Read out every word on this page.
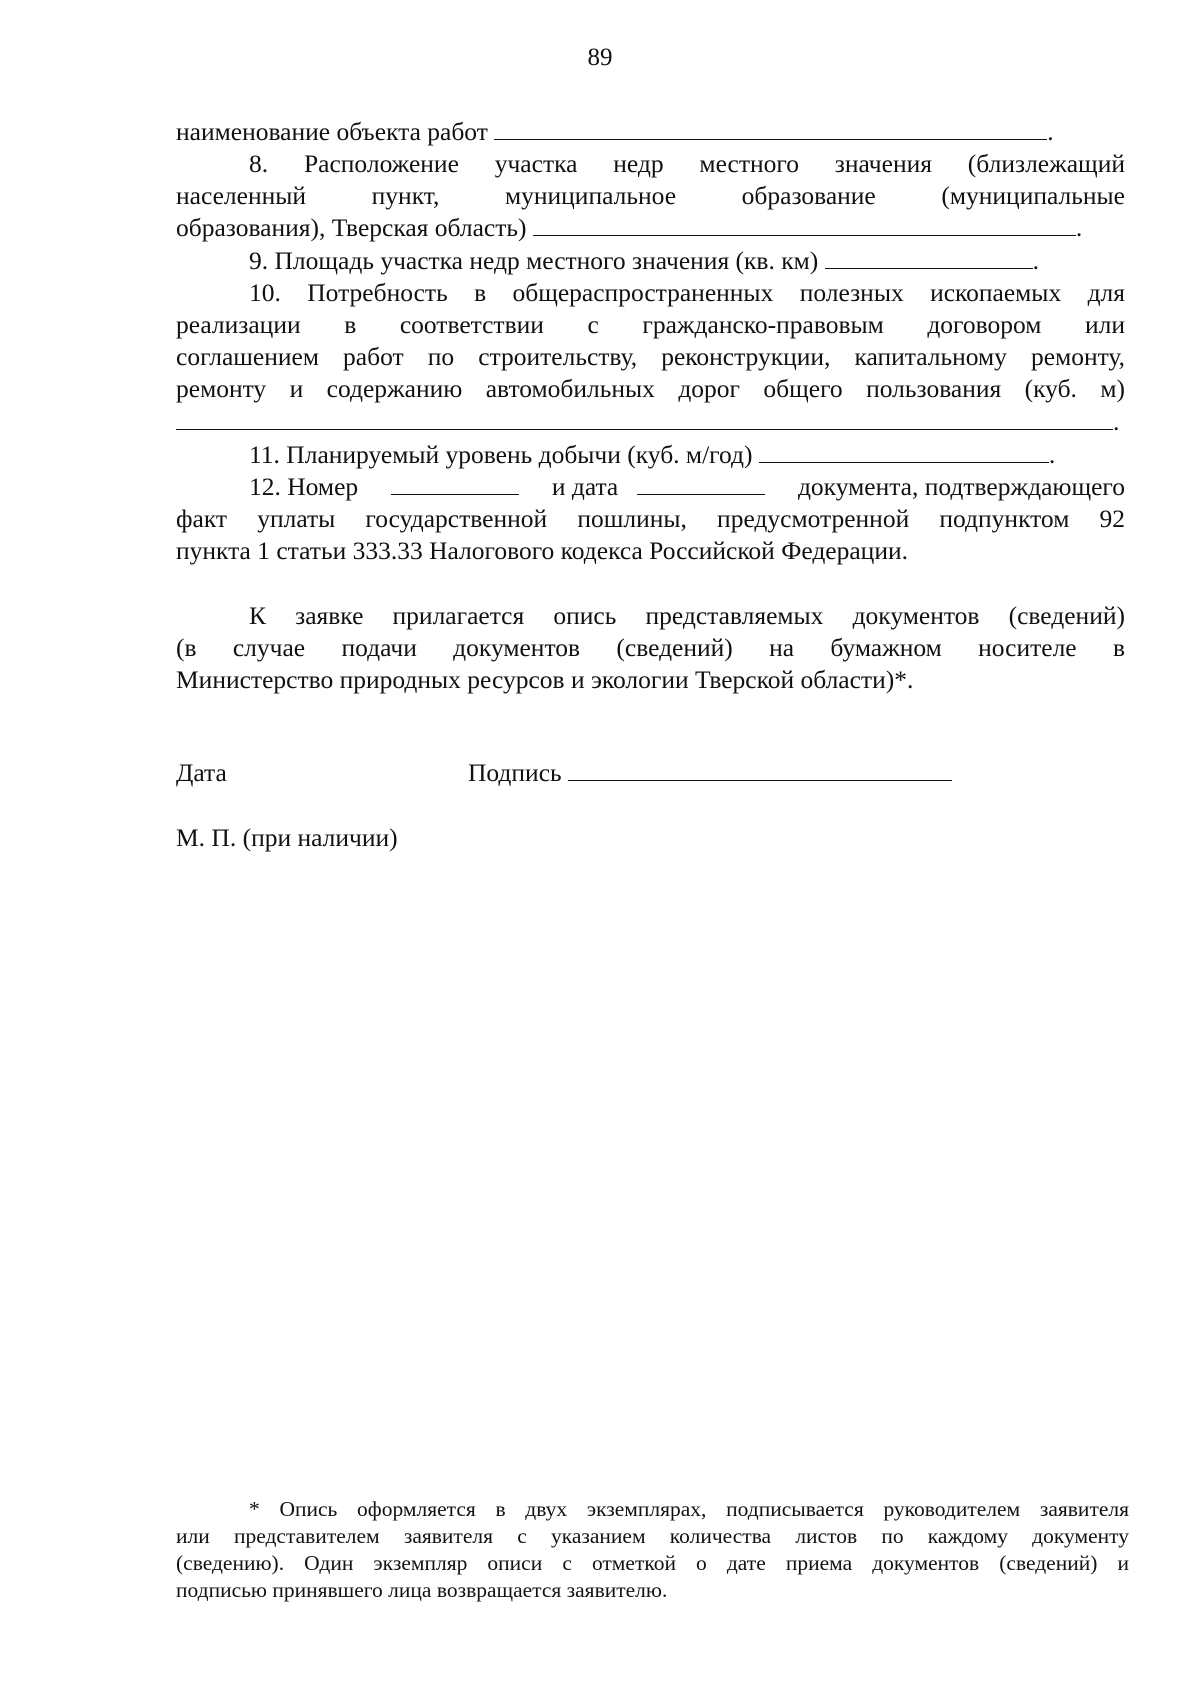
89
наименование объекта работ	.
8. Расположение участка недр местного значения (близлежащий
населенный пункт, муниципальное образование (муниципальные
образования), Тверская область)	.
9. Площадь участка недр местного значения (кв. км)	.
10. Потребность в общераспространенных полезных ископаемых для
реализации в соответствии с гражданско-правовым договором или
соглашением работ по строительству, реконструкции, капитальному ремонту,
ремонту и содержанию автомобильных дорог общего пользования (куб. м)
.
11. Планируемый уровень добычи (куб. м/год)	.
12. Номер	и дата	документа, подтверждающего
факт уплаты государственной пошлины, предусмотренной подпунктом 92
пункта 1 статьи 333.33 Налогового кодекса Российской Федерации.
К заявке прилагается опись представляемых документов (сведений)
(в случае подачи документов (сведений) на бумажном носителе в
Министерство природных ресурсов и экологии Тверской области)*.
Дата	Подпись
М. П. (при наличии)
* Опись оформляется в двух экземплярах, подписывается руководителем заявителя
или представителем заявителя с указанием количества листов по каждому документу
(сведению). Один экземпляр описи с отметкой о дате приема документов (сведений) и
подписью принявшего лица возвращается заявителю.
